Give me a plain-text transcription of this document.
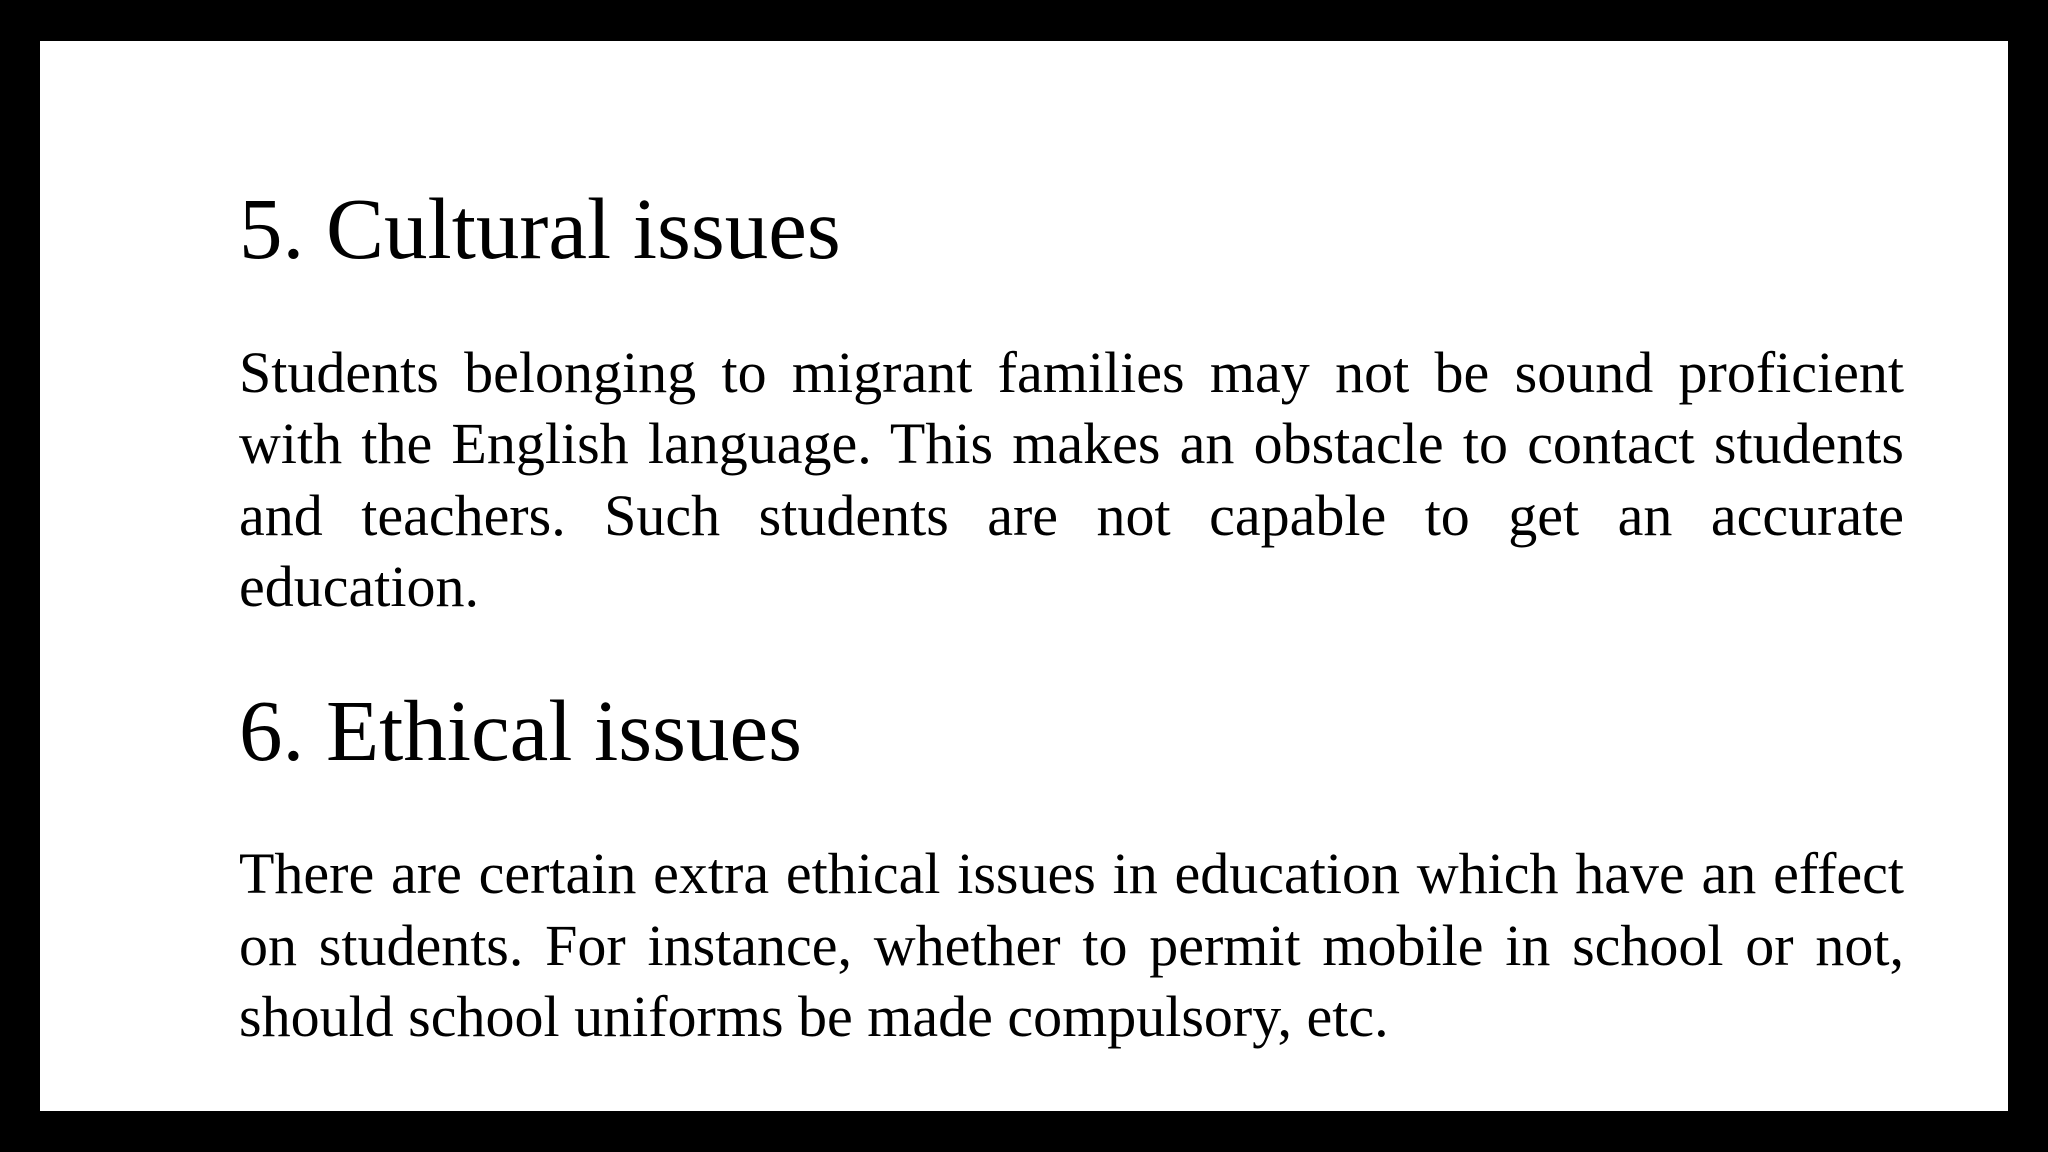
5. Cultural issues

Students belonging to migrant families may not be sound proficient with the English language. This makes an obstacle to contact students and teachers. Such students are not capable to get an accurate education.

6. Ethical issues

There are certain extra ethical issues in education which have an effect on students. For instance, whether to permit mobile in school or not, should school uniforms be made compulsory, etc.
